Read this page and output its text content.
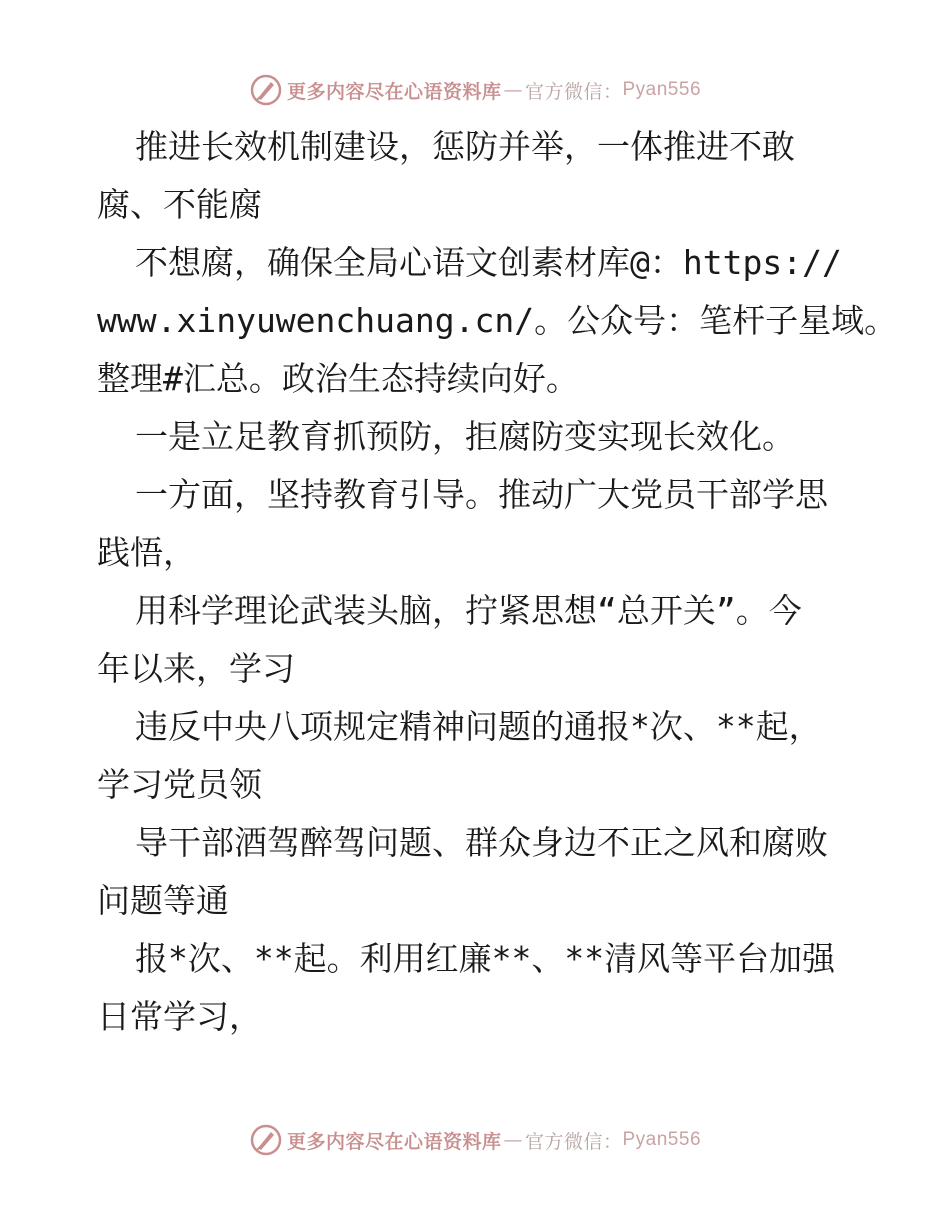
更多内容尽在心语资料库 — 官方微信： Pyan556
推进长效机制建设，惩防并举，一体推进不敢
腐、不能腐
不想腐，确保全局心语文创素材库@：https://
www.xinyuwenchuang.cn/。公众号：笔杆子星域。
整理#汇总。政治生态持续向好。
一是立足教育抓预防，拒腐防变实现长效化。
一方面，坚持教育引导。推动广大党员干部学思
践悟，
用科学理论武装头脑，拧紧思想“总开关”。今
年以来，学习
违反中央八项规定精神问题的通报*次、**起，
学习党员领
导干部酒驾醉驾问题、群众身边不正之风和腐败
问题等通
报*次、**起。利用红廉**、**清风等平台加强
日常学习，
更多内容尽在心语资料库 — 官方微信： Pyan556
